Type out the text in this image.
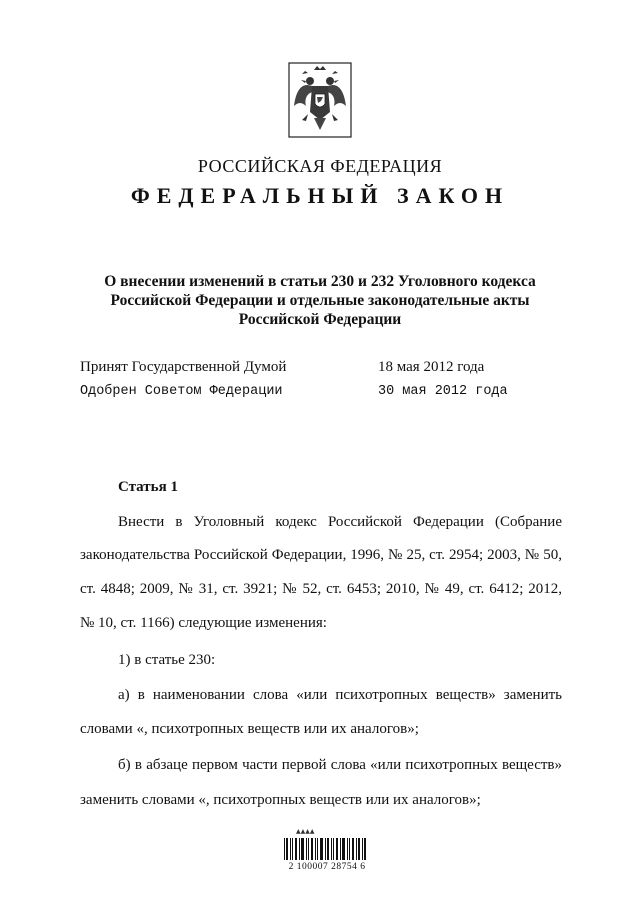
РОССИЙСКАЯ ФЕДЕРАЦИЯ
ФЕДЕРАЛЬНЫЙ ЗАКОН
О внесении изменений в статьи 230 и 232 Уголовного кодекса
Российской Федерации и отдельные законодательные акты
Российской Федерации
Принят Государственной Думой	18 мая 2012 года
Одобрен Советом Федерации	30 мая 2012 года
Статья 1
Внести в Уголовный кодекс Российской Федерации (Собрание
законодательства Российской Федерации, 1996, № 25, ст. 2954; 2003, № 50,
ст. 4848; 2009, № 31, ст. 3921; № 52, ст. 6453; 2010, № 49, ст. 6412; 2012,
№ 10, ст. 1166) следующие изменения:
1) в статье 230:
а) в наименовании слова «или психотропных веществ» заменить
словами «, психотропных веществ или их аналогов»;
б) в абзаце первом части первой слова «или психотропных веществ»
заменить словами «, психотропных веществ или их аналогов»;
▲▲▲▲
2 100007 28754 6
